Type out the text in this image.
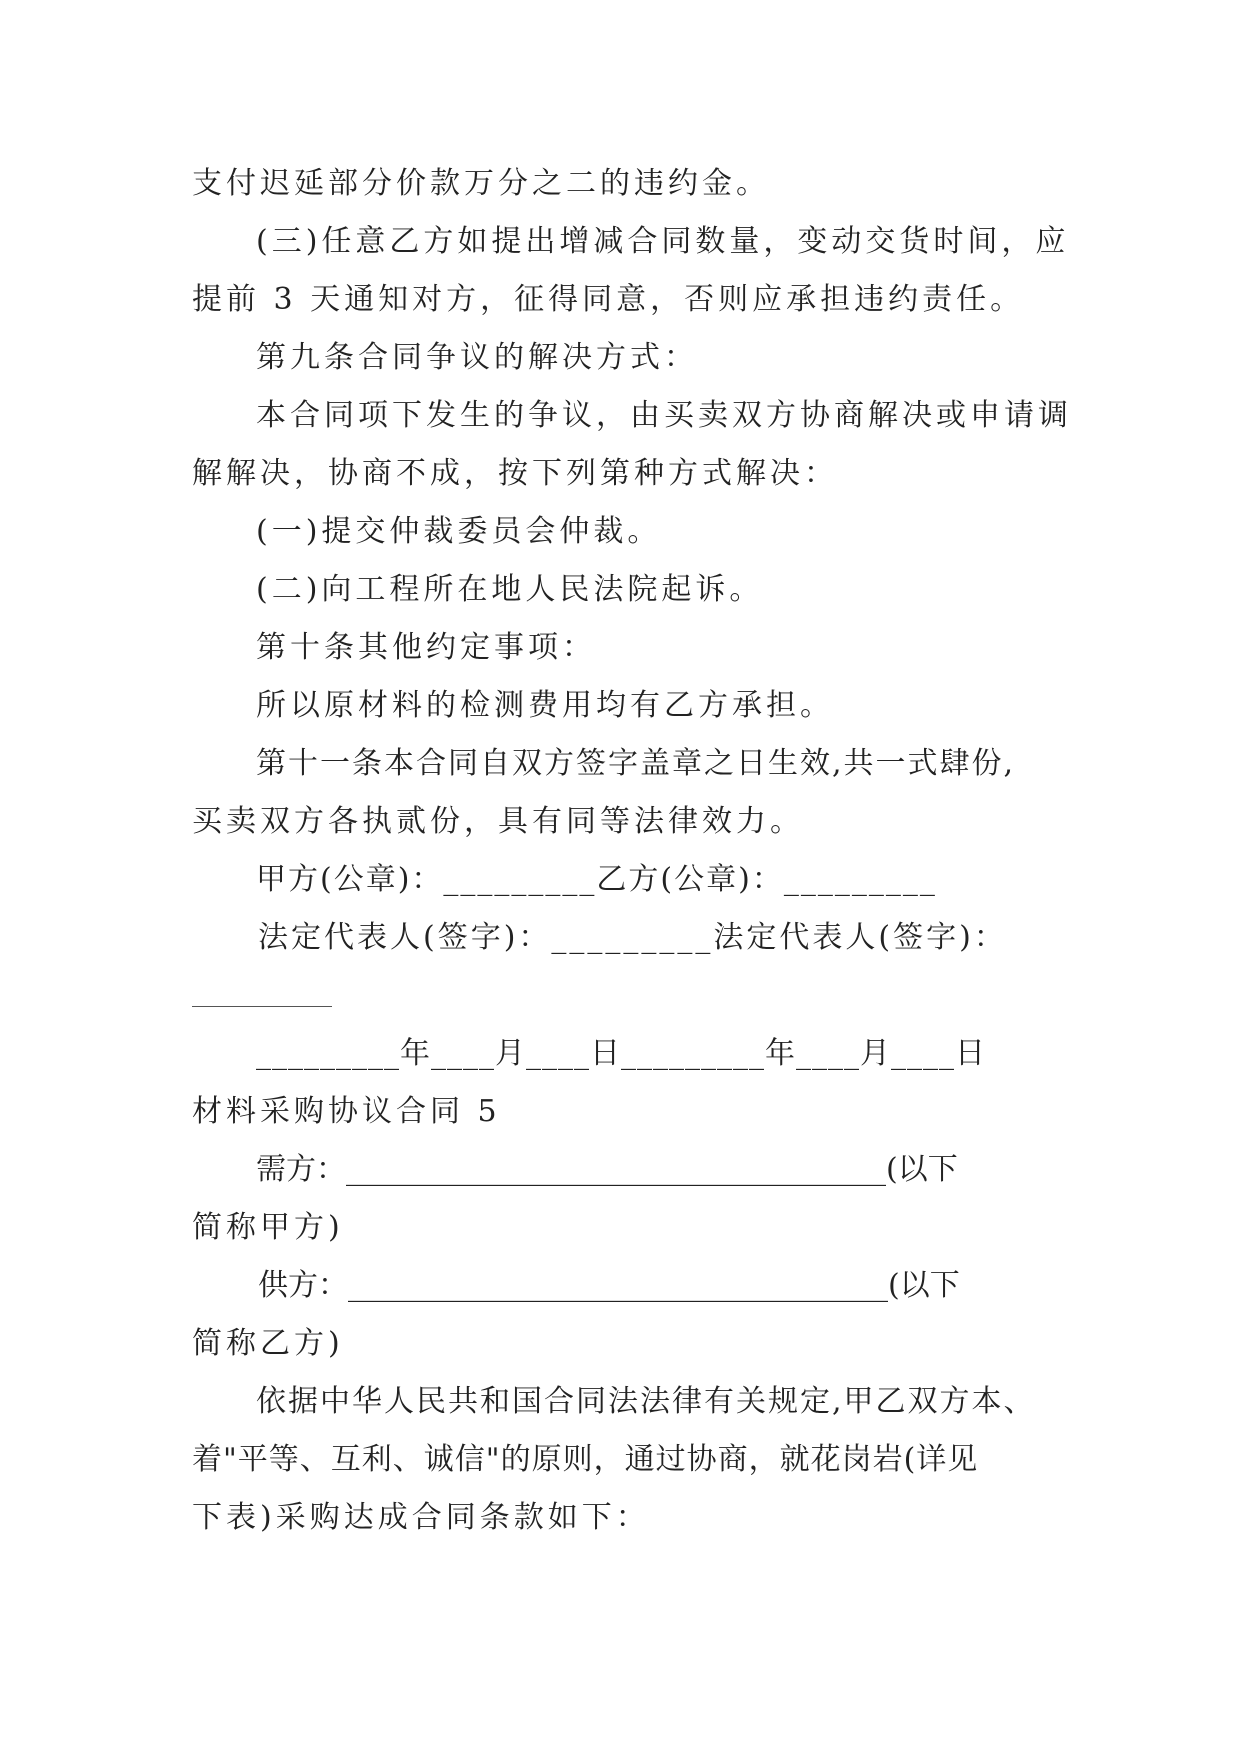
支付迟延部分价款万分之二的违约金。
(三)任意乙方如提出增减合同数量，变动交货时间，应
提前 3 天通知对方，征得同意，否则应承担违约责任。
第九条合同争议的解决方式：
本合同项下发生的争议，由买卖双方协商解决或申请调
解解决，协商不成，按下列第种方式解决：
(一)提交仲裁委员会仲裁。
(二)向工程所在地人民法院起诉。
第十条其他约定事项：
所以原材料的检测费用均有乙方承担。
第十一条本合同自双方签字盖章之日生效,共一式肆份,
买卖双方各执贰份，具有同等法律效力。
甲方(公章)：_________乙方(公章)：_________
法定代表人(签字)：_________法定代表人(签字)：
_________年____月____日_________年____月____日
材料采购协议合同 5
需方：____________________________________(以下
简称甲方)
供方：____________________________________(以下
简称乙方)
依据中华人民共和国合同法法律有关规定,甲乙双方本、
着"平等、互利、诚信"的原则，通过协商，就花岗岩(详见
下表)采购达成合同条款如下：
